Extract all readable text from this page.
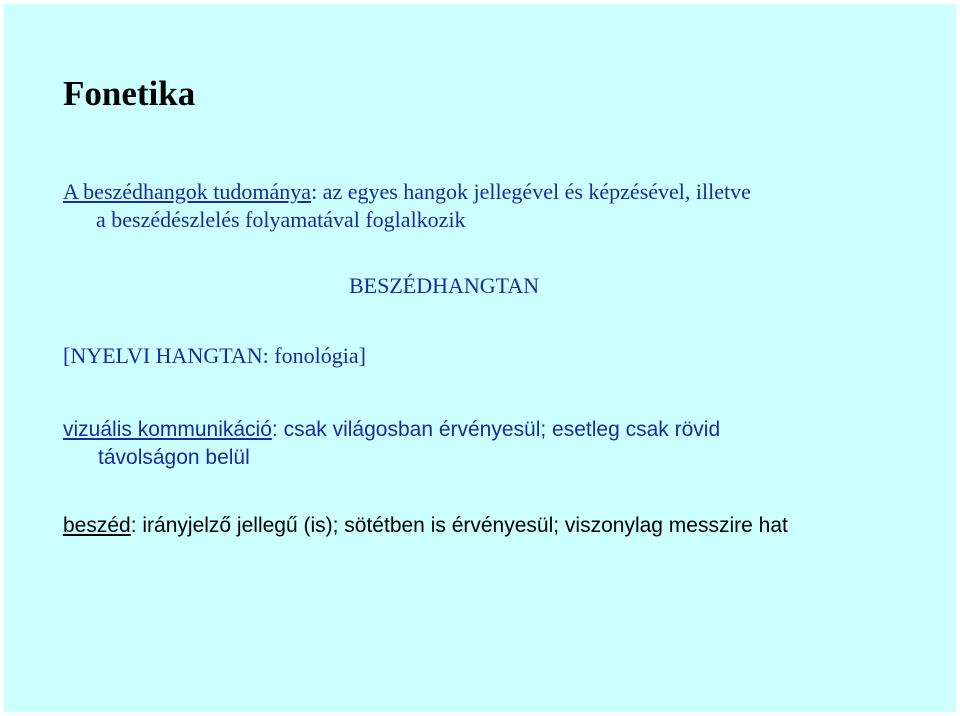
Fonetika

A beszédhangok tudománya: az egyes hangok jellegével és képzésével, illetve
a beszédészlelés folyamatával foglalkozik

BESZÉDHANGTAN

[NYELVI HANGTAN: fonológia]

vizuális kommunikáció: csak világosban érvényesül; esetleg csak rövid
távolságon belül

beszéd: irányjelző jellegű (is); sötétben is érvényesül; viszonylag messzire hat
